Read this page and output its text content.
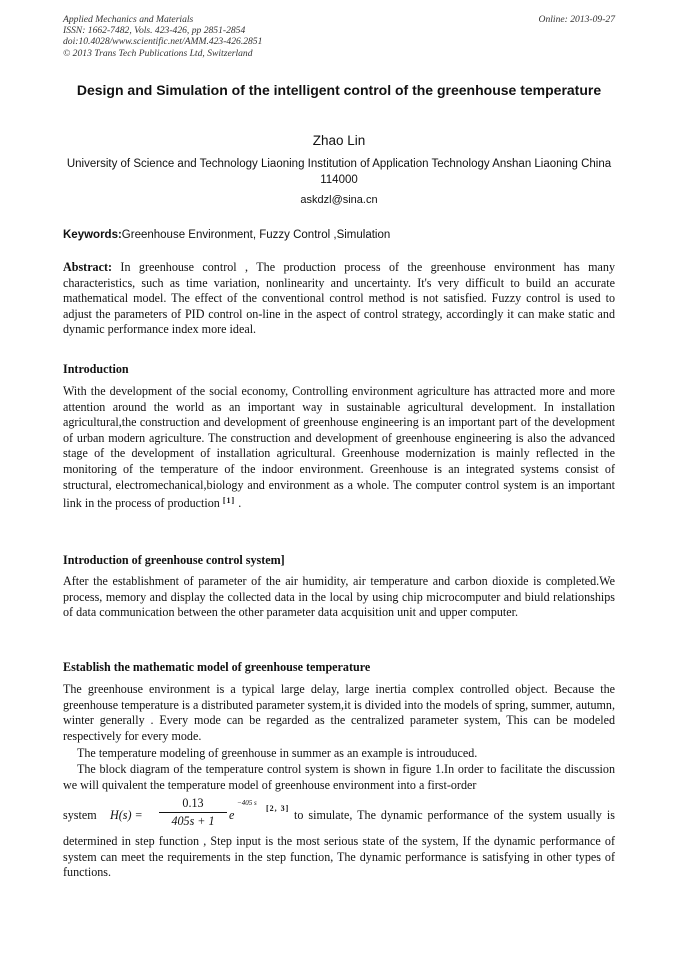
Applied Mechanics and Materials
ISSN: 1662-7482, Vols. 423-426, pp 2851-2854
doi:10.4028/www.scientific.net/AMM.423-426.2851
© 2013 Trans Tech Publications Ltd, Switzerland
Online: 2013-09-27
Design and Simulation of the intelligent control of the greenhouse temperature
Zhao Lin
University of Science and Technology Liaoning Institution of Application Technology Anshan Liaoning China 114000
askdzl@sina.cn
Keywords:Greenhouse Environment, Fuzzy Control ,Simulation

Abstract: In greenhouse control , The production process of the greenhouse environment has many characteristics, such as time variation, nonlinearity and uncertainty. It's very difficult to build an accurate mathematical model. The effect of the conventional control method is not satisfied. Fuzzy control is used to adjust the parameters of PID control on-line in the aspect of control strategy, accordingly it can make static and dynamic performance index more ideal.

Introduction

With the development of the social economy, Controlling environment agriculture has attracted more and more attention around the world as an important way in sustainable agricultural development. In installation agricultural,the construction and development of greenhouse engineering is an important part of the development of urban modern agriculture. The construction and development of greenhouse engineering is also the advanced stage of the development of installation agricultural. Greenhouse modernization is mainly reflected in the monitoring of the temperature of the indoor environment. Greenhouse is an integrated systems consist of structural, electromechanical,biology and environment as a whole. The computer control system is an important link in the process of production [1] .

Introduction of greenhouse control system]

After the establishment of parameter of the air humidity, air temperature and carbon dioxide is completed.We process, memory and display the collected data in the local by using chip microcomputer and biuld relationships of data communication between the other parameter data acquisition unit and upper computer.

Establish the mathematic model of greenhouse temperature

The greenhouse environment is a typical large delay, large inertia complex controlled object. Because the greenhouse temperature is a distributed parameter system,it is divided into the models of spring, summer, autumn, winter generally . Every mode can be regarded as the centralized parameter system, This can be modeled respectively for every mode.

The temperature modeling of greenhouse in summer as an example is introuduced.

The block diagram of the temperature control system is shown in figure 1.In order to facilitate the discussion we will quivalent the temperature model of greenhouse environment into a first-order

system $H(s) = \frac{0.13}{405s + 1}$ e
−405 s
[2, 3] to simulate, The dynamic performance of the system usually is

determined in step function , Step input is the most serious state of the system, If the dynamic performance of system can meet the requirements in the step function, The dynamic performance is satisfying in other types of functions.
